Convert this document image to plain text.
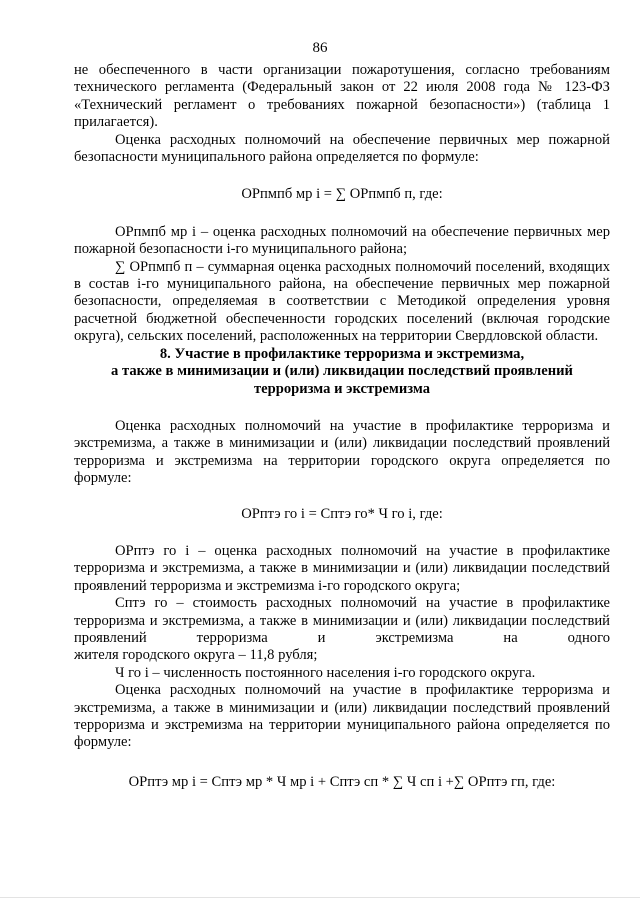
86

не обеспеченного в части организации пожаротушения, согласно требованиям технического регламента (Федеральный закон от 22 июля 2008 года № 123-ФЗ «Технический регламент о требованиях пожарной безопасности») (таблица 1 прилагается).

Оценка расходных полномочий на обеспечение первичных мер пожарной безопасности муниципального района определяется по формуле:

ОРпмпб мр i = ∑ ОРпмпб п, где:

ОРпмпб мр i – оценка расходных полномочий на обеспечение первичных мер пожарной безопасности i-го муниципального района;

∑ ОРпмпб п – суммарная оценка расходных полномочий поселений, входящих в состав i-го муниципального района, на обеспечение первичных мер пожарной безопасности, определяемая в соответствии с Методикой определения уровня расчетной бюджетной обеспеченности городских поселений (включая городские округа), сельских поселений, расположенных на территории Свердловской области.

8. Участие в профилактике терроризма и экстремизма,
а также в минимизации и (или) ликвидации последствий проявлений
терроризма и экстремизма

Оценка расходных полномочий на участие в профилактике терроризма и экстремизма, а также в минимизации и (или) ликвидации последствий проявлений терроризма и экстремизма на территории городского округа определяется по формуле:

ОРптэ го i = Сптэ го* Ч го i, где:

ОРптэ го i – оценка расходных полномочий на участие в профилактике терроризма и экстремизма, а также в минимизации и (или) ликвидации последствий проявлений терроризма и экстремизма i-го городского округа;

Сптэ го – стоимость расходных полномочий на участие в профилактике терроризма и экстремизма, а также в минимизации и (или) ликвидации последствий проявлений терроризма и экстремизма на одного

жителя городского округа – 11,8 рубля;

Ч го i – численность постоянного населения i-го городского округа.

Оценка расходных полномочий на участие в профилактике терроризма и экстремизма, а также в минимизации и (или) ликвидации последствий проявлений терроризма и экстремизма на территории муниципального района определяется по формуле:

ОРптэ мр i = Сптэ мр * Ч мр i + Сптэ сп * ∑ Ч сп i +∑ ОРптэ гп, где:
